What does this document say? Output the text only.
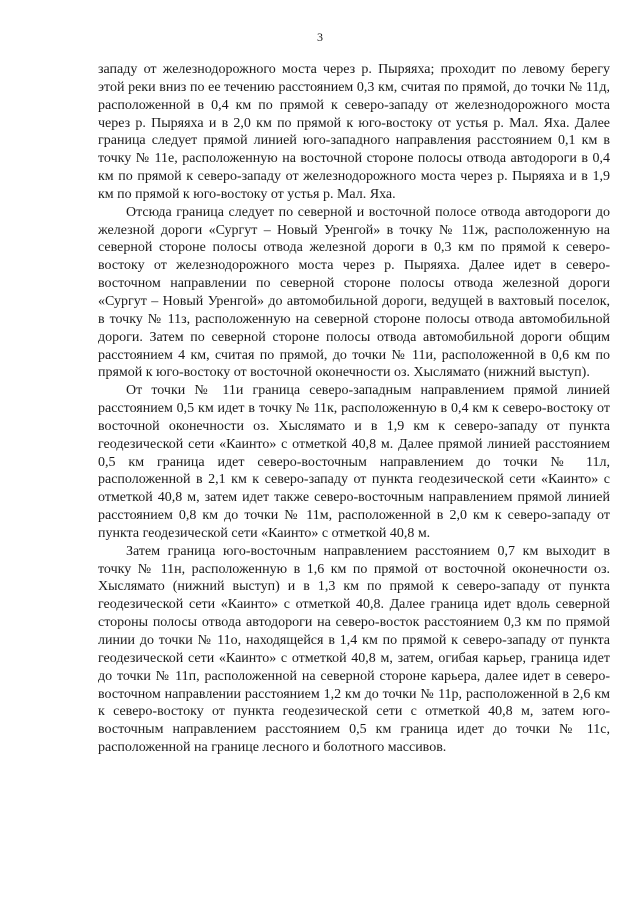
3

западу от железнодорожного моста через р. Пыряяха; проходит по левому берегу этой реки вниз по ее течению расстоянием 0,3 км, считая по прямой, до точки № 11д, расположенной в 0,4 км по прямой к северо-западу от железнодорожного моста через р. Пыряяха и в 2,0 км по прямой к юго-востоку от устья р. Мал. Яха. Далее граница следует прямой линией юго-западного направления расстоянием 0,1 км в точку № 11е, расположенную на восточной стороне полосы отвода автодороги в 0,4 км по прямой к северо-западу от железнодорожного моста через р. Пыряяха и в 1,9 км по прямой к юго-востоку от устья р. Мал. Яха.

Отсюда граница следует по северной и восточной полосе отвода автодороги до железной дороги «Сургут – Новый Уренгой» в точку № 11ж, расположенную на северной стороне полосы отвода железной дороги в 0,3 км по прямой к северо-востоку от железнодорожного моста через р. Пыряяха. Далее идет в северо-восточном направлении по северной стороне полосы отвода железной дороги «Сургут – Новый Уренгой» до автомобильной дороги, ведущей в вахтовый поселок, в точку № 11з, расположенную на северной стороне полосы отвода автомобильной дороги. Затем по северной стороне полосы отвода автомобильной дороги общим расстоянием 4 км, считая по прямой, до точки № 11и, расположенной в 0,6 км по прямой к юго-востоку от восточной оконечности оз. Хыслямато (нижний выступ).

От точки № 11и граница северо-западным направлением прямой линией расстоянием 0,5 км идет в точку № 11к, расположенную в 0,4 км к северо-востоку от восточной оконечности оз. Хыслямато и в 1,9 км к северо-западу от пункта геодезической сети «Каинто» с отметкой 40,8 м. Далее прямой линией расстоянием 0,5 км граница идет северо-восточным направлением до точки № 11л, расположенной в 2,1 км к северо-западу от пункта геодезической сети «Каинто» с отметкой 40,8 м, затем идет также северо-восточным направлением прямой линией расстоянием 0,8 км до точки № 11м, расположенной в 2,0 км к северо-западу от пункта геодезической сети «Каинто» с отметкой 40,8 м.

Затем граница юго-восточным направлением расстоянием 0,7 км выходит в точку № 11н, расположенную в 1,6 км по прямой от восточной оконечности оз. Хыслямато (нижний выступ) и в 1,3 км по прямой к северо-западу от пункта геодезической сети «Каинто» с отметкой 40,8. Далее граница идет вдоль северной стороны полосы отвода автодороги на северо-восток расстоянием 0,3 км по прямой линии до точки № 11о, находящейся в 1,4 км по прямой к северо-западу от пункта геодезической сети «Каинто» с отметкой 40,8 м, затем, огибая карьер, граница идет до точки № 11п, расположенной на северной стороне карьера, далее идет в северо-восточном направлении расстоянием 1,2 км до точки № 11р, расположенной в 2,6 км к северо-востоку от пункта геодезической сети с отметкой 40,8 м, затем юго-восточным направлением расстоянием 0,5 км граница идет до точки № 11с, расположенной на границе лесного и болотного массивов.
